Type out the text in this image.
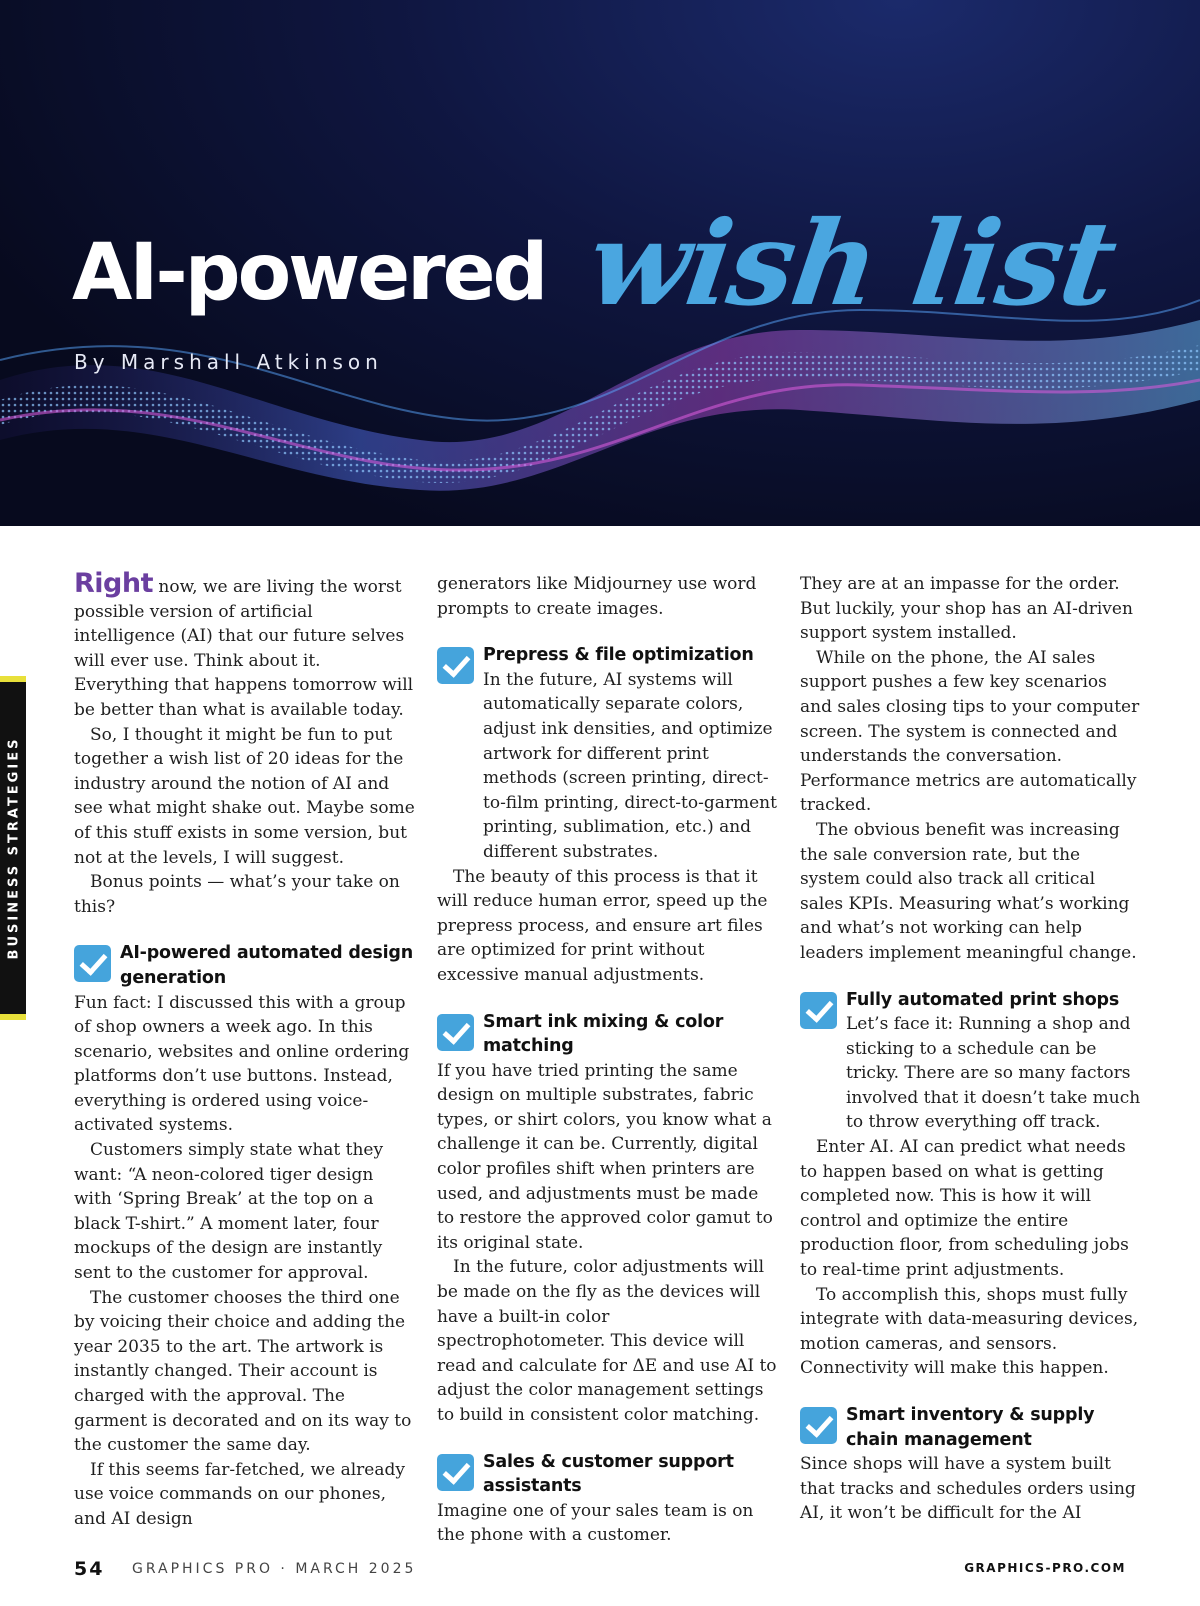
AI-powered wish list
By Marshall Atkinson
BUSINESS STRATEGIES

Right now, we are living the worst possible version of artificial intelligence (AI) that our future selves will ever use. Think about it. Everything that happens tomorrow will be better than what is available today.

So, I thought it might be fun to put together a wish list of 20 ideas for the industry around the notion of AI and see what might shake out. Maybe some of this stuff exists in some version, but not at the levels, I will suggest.

Bonus points — what’s your take on this?

AI-powered automated design generation

Fun fact: I discussed this with a group of shop owners a week ago. In this scenario, websites and online ordering platforms don’t use buttons. Instead, everything is ordered using voice-activated systems.

Customers simply state what they want: “A neon-colored tiger design with ‘Spring Break’ at the top on a black T-shirt.” A moment later, four mockups of the design are instantly sent to the customer for approval.

The customer chooses the third one by voicing their choice and adding the year 2035 to the art. The artwork is instantly changed. Their account is charged with the approval. The garment is decorated and on its way to the customer the same day.

If this seems far-fetched, we already use voice commands on our phones, and AI design

generators like Midjourney use word prompts to create images.

Prepress & file optimization

In the future, AI systems will automatically separate colors, adjust ink densities, and optimize artwork for different print methods (screen printing, direct-to-film printing, direct-to-garment printing, sublimation, etc.) and different substrates.

The beauty of this process is that it will reduce human error, speed up the prepress process, and ensure art files are optimized for print without excessive manual adjustments.

Smart ink mixing & color matching

If you have tried printing the same design on multiple substrates, fabric types, or shirt colors, you know what a challenge it can be. Currently, digital color profiles shift when printers are used, and adjustments must be made to restore the approved color gamut to its original state.

In the future, color adjustments will be made on the fly as the devices will have a built-in color spectrophotometer. This device will read and calculate for ΔE and use AI to adjust the color management settings to build in consistent color matching.

Sales & customer support assistants

Imagine one of your sales team is on the phone with a customer.

They are at an impasse for the order. But luckily, your shop has an AI-driven support system installed.

While on the phone, the AI sales support pushes a few key scenarios and sales closing tips to your computer screen. The system is connected and understands the conversation. Performance metrics are automatically tracked.

The obvious benefit was increasing the sale conversion rate, but the system could also track all critical sales KPIs. Measuring what’s working and what’s not working can help leaders implement meaningful change.

Fully automated print shops

Let’s face it: Running a shop and sticking to a schedule can be tricky. There are so many factors involved that it doesn’t take much to throw everything off track.

Enter AI. AI can predict what needs to happen based on what is getting completed now. This is how it will control and optimize the entire production floor, from scheduling jobs to real-time print adjustments.

To accomplish this, shops must fully integrate with data-measuring devices, motion cameras, and sensors. Connectivity will make this happen.

Smart inventory & supply chain management

Since shops will have a system built that tracks and schedules orders using AI, it won’t be difficult for the AI

54 GRAPHICS PRO · MARCH 2025	GRAPHICS-PRO.COM
